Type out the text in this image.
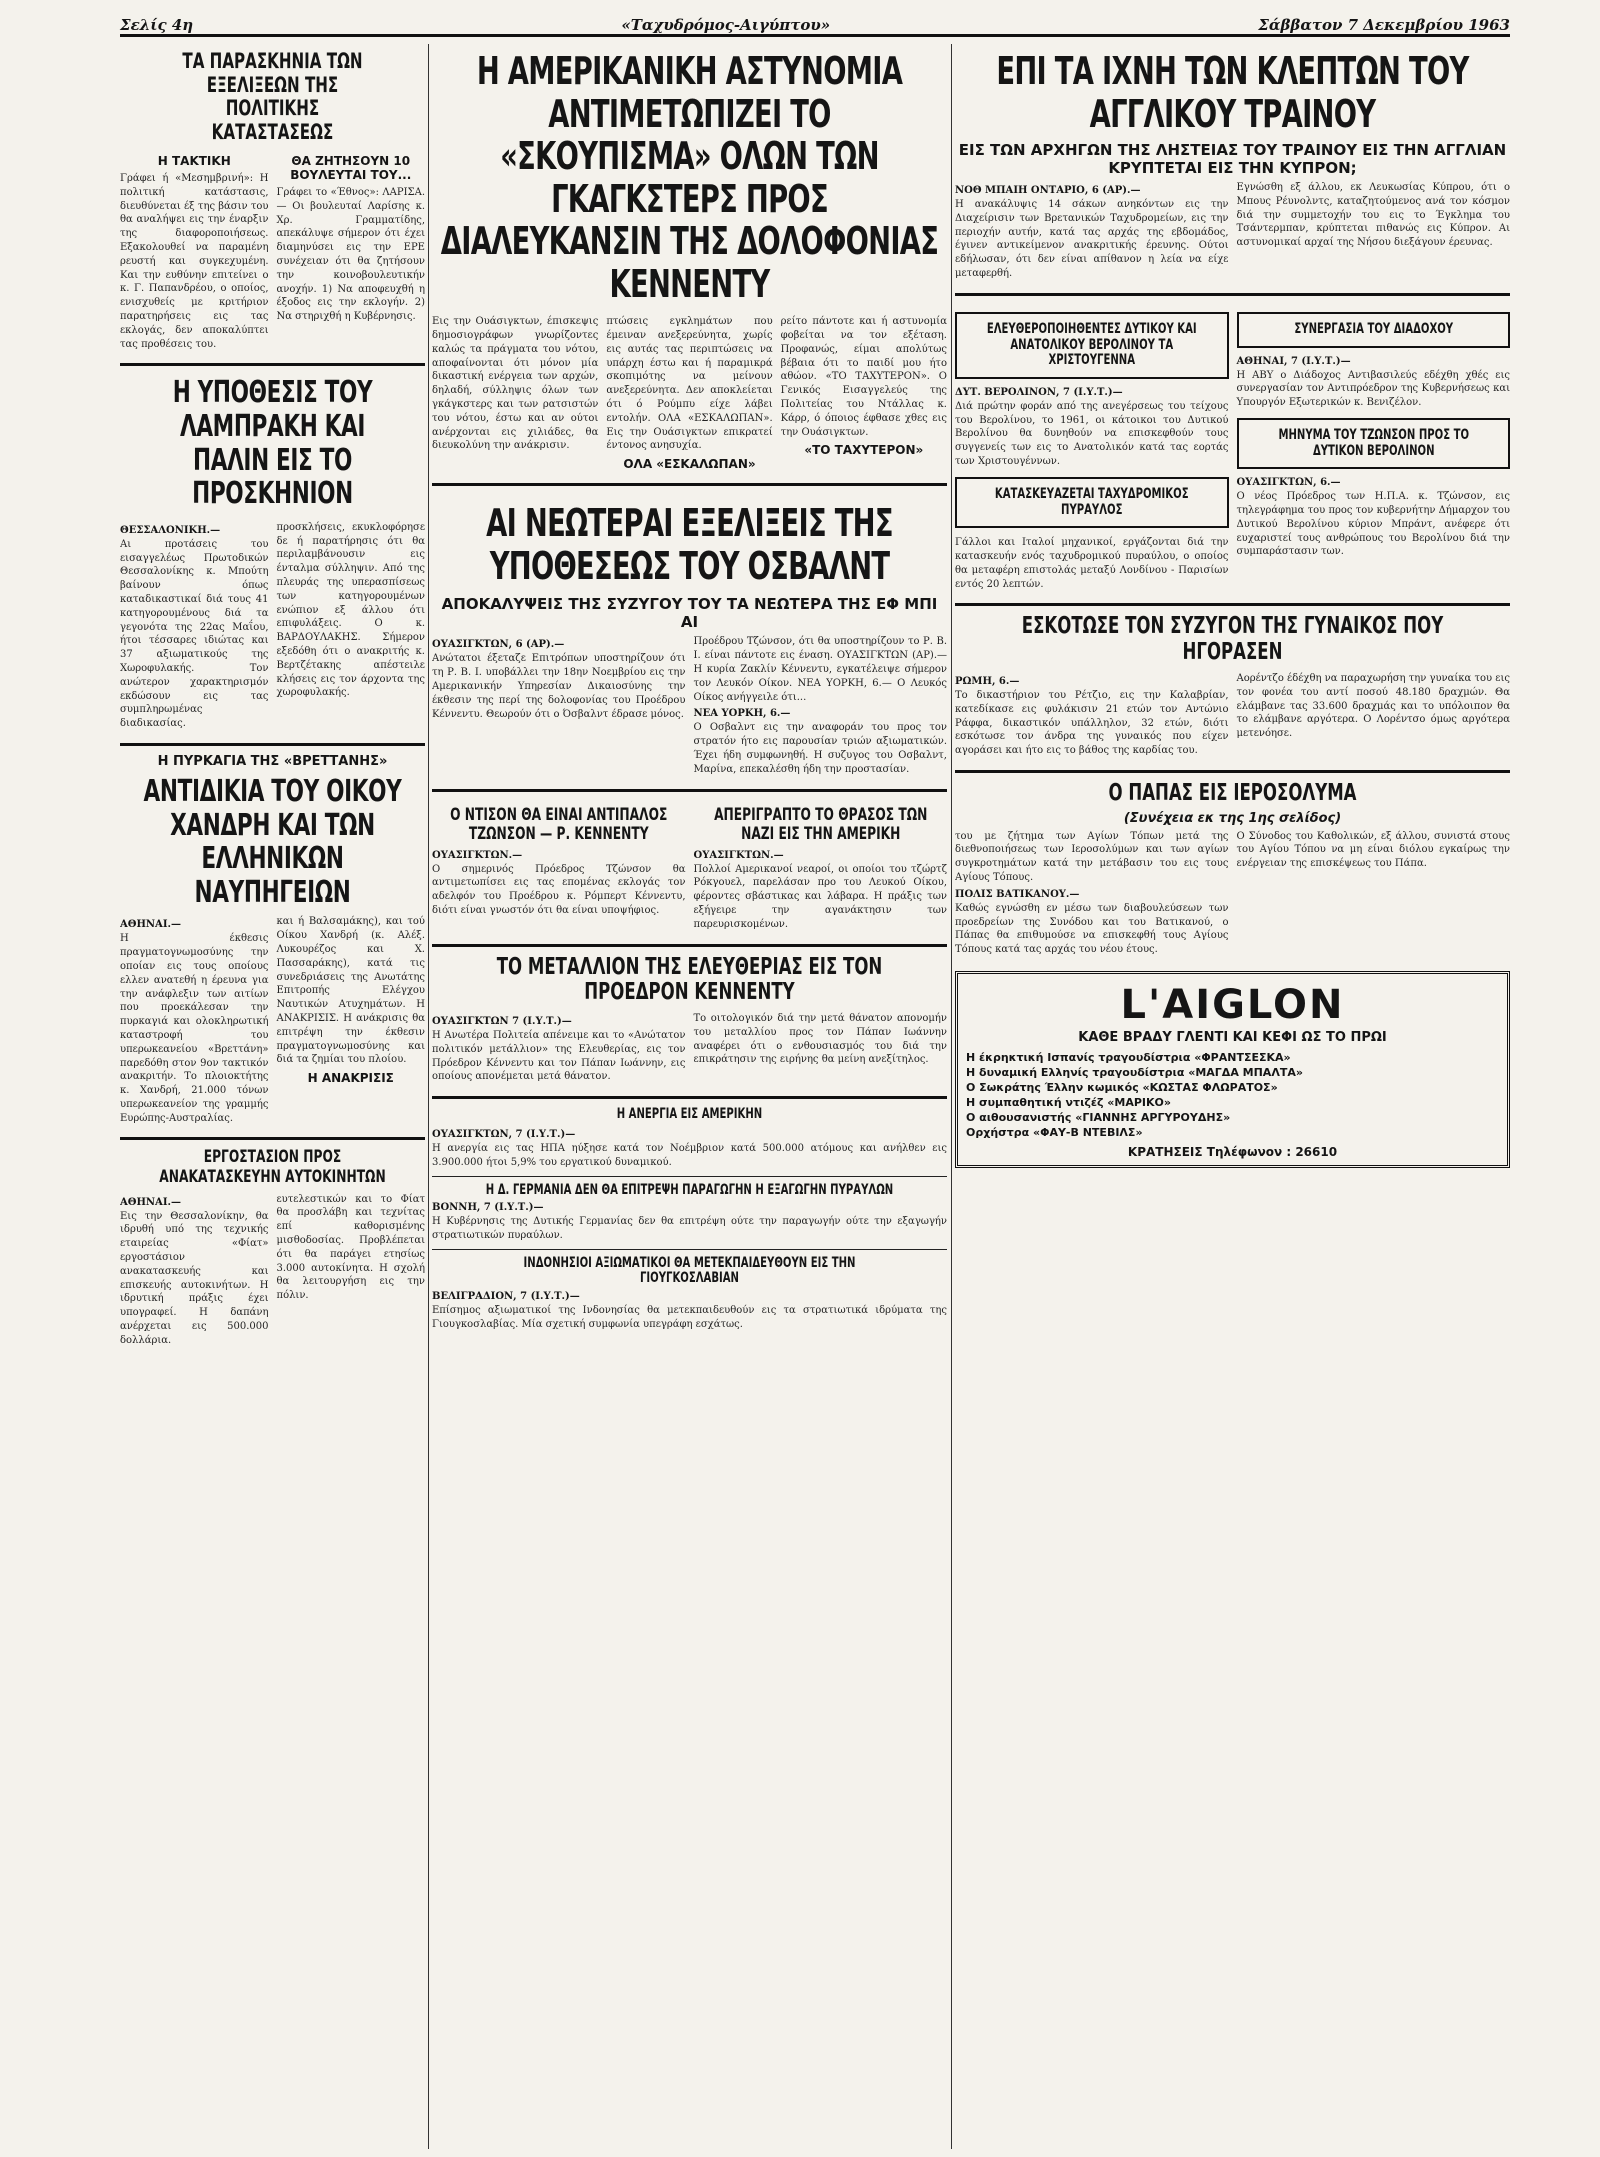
Σελίς 4η	«Ταχυδρόμος-Αιγύπτου»	Σάββατον 7 Δεκεμβρίου 1963
ΤΑ ΠΑΡΑΣΚΗΝΙΑ ΤΩΝ ΕΞΕΛΙΞΕΩΝ ΤΗΣ ΠΟΛΙΤΙΚΗΣ ΚΑΤΑΣΤΑΣΕΩΣ
Η ΤΑΚΤΙΚΗ

Γράφει ή «Μεσημβρινή»: Η πολιτική κατάστασις, διευθύνεται έξ της βάσιν του θα αναλήψει εις την έναρξιν της διαφοροποιήσεως. Εξακολουθεί να παραμένη ρευστή και συγκεχυμένη. Και την ευθύνην επιτείνει ο κ. Γ. Παπανδρέου, ο οποίος, ενισχυθείς με κριτήριον παρατηρήσεις εις τας εκλογάς, δεν αποκαλύπτει τας προθέσεις του.

ΘΑ ΖΗΤΗΣΟΥΝ 10 ΒΟΥΛΕΥΤΑΙ ΤΟΥ...

Γράφει το «Έθνος»: ΛΑΡΙΣΑ. — Οι βουλευταί Λαρίσης κ. Χρ. Γραμματίδης, απεκάλυψε σήμερον ότι έχει διαμηνύσει εις την ΕΡΕ συνέχειαν ότι θα ζητήσουν την κοινοβουλευτικήν ανοχήν. 1) Να αποφευχθή η έξοδος εις την εκλογήν. 2) Να στηριχθή η Κυβέρνησις.

Η ΥΠΟΘΕΣΙΣ ΤΟΥ ΛΑΜΠΡΑΚΗ ΚΑΙ ΠΑΛΙΝ ΕΙΣ ΤΟ ΠΡΟΣΚΗΝΙΟΝ
ΘΕΣΣΑΛΟΝΙΚΗ.—

Αι προτάσεις του εισαγγελέως Πρωτοδικών Θεσσαλονίκης κ. Μπούτη βαίνουν όπως καταδικαστικαί διά τους 41 κατηγορουμένους διά τα γεγονότα της 22ας Μαΐου, ήτοι τέσσαρες ιδιώτας και 37 αξιωματικούς της Χωροφυλακής. Τον ανώτερον χαρακτηρισμόν εκδώσουν εις τας συμπληρωμένας διαδικασίας.

προσκλήσεις, εκυκλοφόρησε δε ή παρατήρησις ότι θα περιλαμβάνουσιν εις ένταλμα σύλληψιν. Από της πλευράς της υπερασπίσεως των κατηγορουμένων ενώπιον εξ άλλου ότι επιφυλάξεις. Ο κ. ΒΑΡΔΟΥΛΑΚΗΣ. Σήμερον εξεδόθη ότι ο ανακριτής κ. Βερτζέτακης απέστειλε κλήσεις εις τον άρχοντα της χωροφυλακής.

Η ΠΥΡΚΑΓΙΑ ΤΗΣ «ΒΡΕΤΤΑΝΗΣ»
ΑΝΤΙΔΙΚΙΑ ΤΟΥ ΟΙΚΟΥ ΧΑΝΔΡΗ ΚΑΙ ΤΩΝ ΕΛΛΗΝΙΚΩΝ ΝΑΥΠΗΓΕΙΩΝ
ΑΘΗΝΑΙ.—

Η έκθεσις πραγματογνωμοσύνης την οποίαν εις τους οποίους ελλεν ανατεθή η έρευνα για την ανάφλεξιν των αιτίων που προεκάλεσαν την πυρκαγιά και ολοκληρωτική καταστροφή του υπερωκεανείου «Βρεττάνη» παρεδόθη στον 9ον τακτικόν ανακριτήν. Το πλοιοκτήτης κ. Χανδρή, 21.000 τόνων υπερωκεανείον της γραμμής Ευρώπης-Αυστραλίας.

και ή Βαλσαμάκης), και τού Οίκου Χανδρή (κ. Αλέξ. Λυκουρέζος και Χ. Πασσαράκης), κατά τις συνεδριάσεις της Ανωτάτης Επιτροπής Ελέγχου Ναυτικών Ατυχημάτων. Η ΑΝΑΚΡΙΣΙΣ. Η ανάκρισις θα επιτρέψη την έκθεσιν πραγματογνωμοσύνης και διά τα ζημίαι του πλοίου.

Η ΑΝΑΚΡΙΣΙΣ
ΕΡΓΟΣΤΑΣΙΟΝ ΠΡΟΣ ΑΝΑΚΑΤΑΣΚΕΥΗΝ ΑΥΤΟΚΙΝΗΤΩΝ
ΑΘΗΝΑΙ.—

Εις την Θεσσαλονίκην, θα ιδρυθή υπό της τεχνικής εταιρείας «Φίατ» εργοστάσιον ανακατασκευής και επισκευής αυτοκινήτων. Η ιδρυτική πράξις έχει υπογραφεί. Η δαπάνη ανέρχεται εις 500.000 δολλάρια.

ευτελεστικών και το Φίατ θα προσλάβη και τεχνίτας επί καθορισμένης μισθοδοσίας. Προβλέπεται ότι θα παράγει ετησίως 3.000 αυτοκίνητα. Η σχολή θα λειτουργήση εις την πόλιν.

Η ΑΜΕΡΙΚΑΝΙΚΗ ΑΣΤΥΝΟΜΙΑ ΑΝΤΙΜΕΤΩΠΙΖΕΙ ΤΟ «ΣΚΟΥΠΙΣΜΑ» ΟΛΩΝ ΤΩΝ ΓΚΑΓΚΣΤΕΡΣ ΠΡΟΣ ΔΙΑΛΕΥΚΑΝΣΙΝ ΤΗΣ ΔΟΛΟΦΟΝΙΑΣ ΚΕΝΝΕΝΤΥ

Εις την Ουάσιγκτων, έπισκεψις δημοσιογράφων γνωρίζοντες καλώς τα πράγματα του νότου, αποφαίνονται ότι μόνον μία δικαστική ενέργεια των αρχών, δηλαδή, σύλληψις όλων των γκάγκστερς και των ρατσιστών του νότου, έστω και αν ούτοι ανέρχονται εις χιλιάδες, θα διευκολύνη την ανάκρισιν.

πτώσεις εγκλημάτων που έμειναν ανεξερεύνητα, χωρίς εις αυτάς τας περιπτώσεις να υπάρχη έστω και ή παραμικρά σκοπιμότης να μείνουν ανεξερεύνητα. Δεν αποκλείεται ότι ό Ρούμπυ είχε λάβει εντολήν. ΟΛΑ «ΕΣΚΑΛΩΠΑΝ». Εις την Ουάσιγκτων επικρατεί έντονος ανησυχία.

ΟΛΑ «ΕΣΚΑΛΩΠΑΝ»

ρείτο πάντοτε και ή αστυνομία φοβείται να τον εξέταση. Προφανώς, είμαι απολύτως βέβαια ότι το παιδί μου ήτο αθώον. «ΤΟ ΤΑΧΥΤΕΡΟΝ». Ο Γενικός Εισαγγελεύς της Πολιτείας του Ντάλλας κ. Κάρρ, ό όποιος έφθασε χθες εις την Ουάσιγκτων.

«ΤΟ ΤΑΧΥΤΕΡΟΝ»
ΑΙ ΝΕΩΤΕΡΑΙ ΕΞΕΛΙΞΕΙΣ ΤΗΣ ΥΠΟΘΕΣΕΩΣ ΤΟΥ ΟΣΒΑΛΝΤ
ΑΠΟΚΑΛΥΨΕΙΣ ΤΗΣ ΣΥΖΥΓΟΥ ΤΟΥ ΤΑ ΝΕΩΤΕΡΑ ΤΗΣ ΕΦ ΜΠΙ ΑΙ
ΟΥΑΣΙΓΚΤΩΝ, 6 (ΑΡ).—

Ανώτατοι έξεταζε Επιτρόπων υποστηρίζουν ότι τη Ρ. Β. Ι. υποβάλλει την 18ην Νοεμβρίου εις την Αμερικανικήν Υπηρεσίαν Δικαιοσύνης την έκθεσιν της περί της δολοφονίας του Προέδρου Κέννεντυ. Θεωρούν ότι ο Όσβαλντ έδρασε μόνος.

Προέδρου Τζώνσον, ότι θα υποστηρίζουν το Ρ. Β. Ι. είναι πάντοτε εις έναση. ΟΥΑΣΙΓΚΤΩΝ (ΑΡ).— Η κυρία Ζακλίν Κέννεντυ, εγκατέλειψε σήμερον τον Λευκόν Οίκον. ΝΕΑ ΥΟΡΚΗ, 6.— Ο Λευκός Οίκος ανήγγειλε ότι...

ΝΕΑ ΥΟΡΚΗ, 6.—

Ο Οσβαλντ εις την αναφοράν του προς τον στρατόν ήτο εις παρουσίαν τριών αξιωματικών. Έχει ήδη συμφωνηθή. Η συζυγος του Οσβαλντ, Μαρίνα, επεκαλέσθη ήδη την προστασίαν.

Ο ΝΤΙΣΟΝ ΘΑ ΕΙΝΑΙ ΑΝΤΙΠΑΛΟΣ ΤΖΩΝΣΟΝ — Ρ. ΚΕΝΝΕΝΤΥ
ΟΥΑΣΙΓΚΤΩΝ.—

Ο σημερινός Πρόεδρος Τζώνσον θα αντιμετωπίσει εις τας επομένας εκλογάς τον αδελφόν του Προέδρου κ. Ρόμπερτ Κέννεντυ, διότι είναι γνωστόν ότι θα είναι υποψήφιος.

ΑΠΕΡΙΓΡΑΠΤΟ ΤΟ ΘΡΑΣΟΣ ΤΩΝ ΝΑΖΙ ΕΙΣ ΤΗΝ ΑΜΕΡΙΚΗ
ΟΥΑΣΙΓΚΤΩΝ.—

Πολλοί Αμερικανοί νεαροί, οι οποίοι του τζώρτζ Ρόκγουελ, παρελάσαν προ του Λευκού Οίκου, φέροντες σβάστικας και λάβαρα. Η πράξις των εξήγειρε την αγανάκτησιν των παρευρισκομένων.

ΤΟ ΜΕΤΑΛΛΙΟΝ ΤΗΣ ΕΛΕΥΘΕΡΙΑΣ ΕΙΣ ΤΟΝ ΠΡΟΕΔΡΟΝ ΚΕΝΝΕΝΤΥ
ΟΥΑΣΙΓΚΤΩΝ 7 (Ι.Υ.Τ.)—

Η Ανωτέρα Πολιτεία απένειμε και το «Ανώτατον πολιτικόν μετάλλιον» της Ελευθερίας, εις τον Πρόεδρον Κέννεντυ και τον Πάπαν Ιωάννην, εις οποίους απονέμεται μετά θάνατον.

Το οιτολογικόν διά την μετά θάνατον απονομήν του μεταλλίου προς τον Πάπαν Ιωάννην αναφέρει ότι ο ενθουσιασμός του διά την επικράτησιν της ειρήνης θα μείνη ανεξίτηλος.

Η ΑΝΕΡΓΙΑ ΕΙΣ ΑΜΕΡΙΚΗΝ
ΟΥΑΣΙΓΚΤΩΝ, 7 (Ι.Υ.Τ.)—

Η ανεργία εις τας ΗΠΑ ηύξησε κατά τον Νοέμβριον κατά 500.000 ατόμους και ανήλθεν εις 3.900.000 ήτοι 5,9% του εργατικού δυναμικού.

Η Δ. ΓΕΡΜΑΝΙΑ ΔΕΝ ΘΑ ΕΠΙΤΡΕΨΗ ΠΑΡΑΓΩΓΗΝ Η ΕΞΑΓΩΓΗΝ ΠΥΡΑΥΛΩΝ
ΒΟΝΝΗ, 7 (Ι.Υ.Τ.)—

Η Κυβέρνησις της Δυτικής Γερμανίας δεν θα επιτρέψη ούτε την παραγωγήν ούτε την εξαγωγήν στρατιωτικών πυραύλων.

ΙΝΔΟΝΗΣΙΟΙ ΑΞΙΩΜΑΤΙΚΟΙ ΘΑ ΜΕΤΕΚΠΑΙΔΕΥΘΟΥΝ ΕΙΣ ΤΗΝ ΓΙΟΥΓΚΟΣΛΑΒΙΑΝ
ΒΕΛΙΓΡΑΔΙΟΝ, 7 (Ι.Υ.Τ.)—

Επίσημος αξιωματικοί της Ινδονησίας θα μετεκπαιδευθούν εις τα στρατιωτικά ιδρύματα της Γιουγκοσλαβίας. Μία σχετική συμφωνία υπεγράφη εσχάτως.

ΕΠΙ ΤΑ ΙΧΝΗ ΤΩΝ ΚΛΕΠΤΩΝ ΤΟΥ ΑΓΓΛΙΚΟΥ ΤΡΑΙΝΟΥ
ΕΙΣ ΤΩΝ ΑΡΧΗΓΩΝ ΤΗΣ ΛΗΣΤΕΙΑΣ ΤΟΥ ΤΡΑΙΝΟΥ ΕΙΣ ΤΗΝ ΑΓΓΛΙΑΝ ΚΡΥΠΤΕΤΑΙ ΕΙΣ ΤΗΝ ΚΥΠΡΟΝ;
ΝΟΘ ΜΠΑΙΗ ΟΝΤΑΡΙΟ, 6 (ΑΡ).—

Η ανακάλυψις 14 σάκων ανηκόντων εις την Διαχείρισιν των Βρετανικών Ταχυδρομείων, εις την περιοχήν αυτήν, κατά τας αρχάς της εβδομάδος, έγινεν αντικείμενον ανακριτικής έρευνης. Ούτοι εδήλωσαν, ότι δεν είναι απίθανον η λεία να είχε μεταφερθή.

Εγνώσθη εξ άλλου, εκ Λευκωσίας Κύπρου, ότι ο Μπους Ρέυνολντς, καταζητούμενος ανά τον κόσμον διά την συμμετοχήν του εις το Έγκλημα του Τσάντερμπαν, κρύπτεται πιθανώς εις Κύπρον. Αι αστυνομικαί αρχαί της Νήσου διεξάγουν έρευνας.

ΕΛΕΥΘΕΡΟΠΟΙΗΘΕΝΤΕΣ ΔΥΤΙΚΟΥ ΚΑΙ ΑΝΑΤΟΛΙΚΟΥ ΒΕΡΟΛΙΝΟΥ ΤΑ ΧΡΙΣΤΟΥΓΕΝΝΑ
ΔΥΤ. ΒΕΡΟΛΙΝΟΝ, 7 (Ι.Υ.Τ.)—

Διά πρώτην φοράν από της ανεγέρσεως του τείχους του Βερολίνου, το 1961, οι κάτοικοι του Δυτικού Βερολίνου θα δυνηθούν να επισκεφθούν τους συγγενείς των εις το Ανατολικόν κατά τας εορτάς των Χριστουγέννων.

ΚΑΤΑΣΚΕΥΑΖΕΤΑΙ ΤΑΧΥΔΡΟΜΙΚΟΣ ΠΥΡΑΥΛΟΣ

Γάλλοι και Ιταλοί μηχανικοί, εργάζονται διά την κατασκευήν ενός ταχυδρομικού πυραύλου, ο οποίος θα μεταφέρη επιστολάς μεταξύ Λονδίνου - Παρισίων εντός 20 λεπτών.

ΣΥΝΕΡΓΑΣΙΑ ΤΟΥ ΔΙΑΔΟΧΟΥ
ΑΘΗΝΑΙ, 7 (Ι.Υ.Τ.)—

Η ΑΒΥ ο Διάδοχος Αντιβασιλεύς εδέχθη χθές εις συνεργασίαν τον Αντιπρόεδρον της Κυβερνήσεως και Υπουργόν Εξωτερικών κ. Βενιζέλον.

ΜΗΝΥΜΑ ΤΟΥ ΤΖΩΝΣΟΝ ΠΡΟΣ ΤΟ ΔΥΤΙΚΟΝ ΒΕΡΟΛΙΝΟΝ
ΟΥΑΣΙΓΚΤΩΝ, 6.—

Ο νέος Πρόεδρος των Η.Π.Α. κ. Τζώνσον, εις τηλεγράφημα του προς τον κυβερνήτην Δήμαρχον του Δυτικού Βερολίνου κύριον Μπράντ, ανέφερε ότι ευχαριστεί τους ανθρώπους του Βερολίνου διά την συμπαράστασιν των.

ΕΣΚΟΤΩΣΕ ΤΟΝ ΣΥΖΥΓΟΝ ΤΗΣ ΓΥΝΑΙΚΟΣ ΠΟΥ ΗΓΟΡΑΣΕΝ
ΡΩΜΗ, 6.—

Το δικαστήριον του Ρέτζιο, εις την Καλαβρίαν, κατεδίκασε εις φυλάκισιν 21 ετών τον Αντώνιο Ράφφα, δικαστικόν υπάλληλον, 32 ετών, διότι εσκότωσε τον άνδρα της γυναικός που είχεν αγοράσει και ήτο εις το βάθος της καρδίας του.

Αορέντζο έδέχθη να παραχωρήση την γυναίκα του εις τον φονέα του αντί ποσού 48.180 δραχμών. Θα ελάμβανε τας 33.600 δραχμάς και το υπόλοιπον θα το ελάμβανε αργότερα. Ο Λορέντσο όμως αργότερα μετενόησε.

Ο ΠΑΠΑΣ ΕΙΣ ΙΕΡΟΣΟΛΥΜΑ
(Συνέχεια εκ της 1ης σελίδος)

του με ζήτημα των Αγίων Τόπων μετά της διεθνοποιήσεως των Ιεροσολύμων και των αγίων συγκροτημάτων κατά την μετάβασιν του εις τους Αγίους Τόπους.

ΠΟΛΙΣ ΒΑΤΙΚΑΝΟΥ.—

Καθώς εγνώσθη εν μέσω των διαβουλεύσεων των προεδρείων της Συνόδου και του Βατικανού, ο Πάπας θα επιθυμούσε να επισκεφθή τους Αγίους Τόπους κατά τας αρχάς του νέου έτους.

Ο Σύνοδος του Καθολικών, εξ άλλου, συνιστά στους του Αγίου Τόπου να μη είναι διόλου εγκαίρως την ενέργειαν της επισκέψεως του Πάπα.

L'AIGLON
ΚΑΘΕ ΒΡΑΔΥ ΓΛΕΝΤΙ ΚΑΙ ΚΕΦΙ ΩΣ ΤΟ ΠΡΩΙ
Η έκρηκτική Ισπανίς τραγουδίστρια «ΦΡΑΝΤΣΕΣΚΑ»
Η δυναμική Ελληνίς τραγουδίστρια «ΜΑΓΔΑ ΜΠΑΛΤΑ»
Ο Σωκράτης Έλλην κωμικός «ΚΩΣΤΑΣ ΦΛΩΡΑΤΟΣ»
Η συμπαθητική ντιζέζ «ΜΑΡΙΚΟ»
Ο αιθουσανιστής «ΓΙΑΝΝΗΣ ΑΡΓΥΡΟΥΔΗΣ»
Ορχήστρα «ΦΑΥ-Β ΝΤΕΒΙΛΣ»
ΚΡΑΤΗΣΕΙΣ Τηλέφωνον : 26610
